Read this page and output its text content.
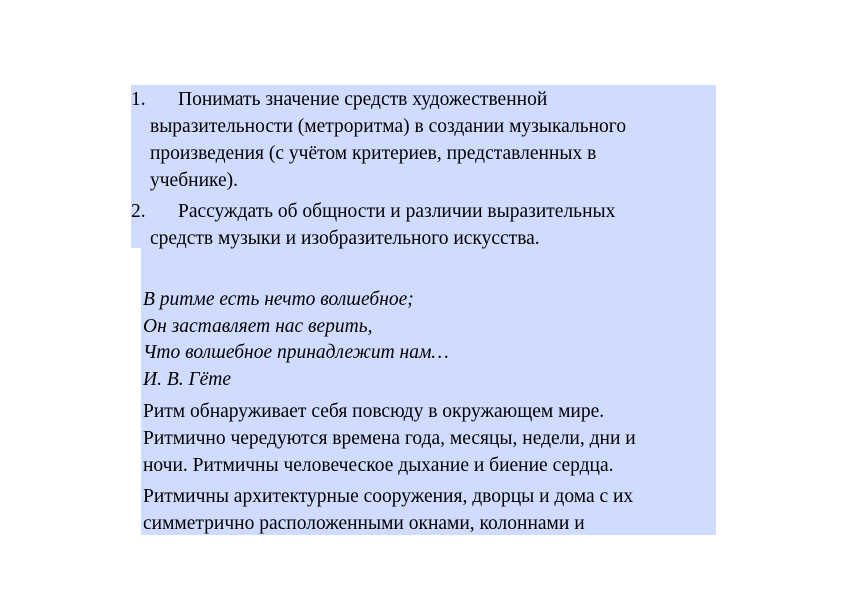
1.	Понимать значение средств художественной
выразительности (метроритма) в создании музыкального
произведения (с учётом критериев, представленных в
учебнике).
2.	Рассуждать об общности и различии выразительных
средств музыки и изобразительного искусства.
В ритме есть нечто волшебное;
Он заставляет нас верить,
Что волшебное принадлежит нам…
И. В. Гёте
Ритм обнаруживает себя повсюду в окружающем мире.
Ритмично чередуются времена года, месяцы, недели, дни и
ночи. Ритмичны человеческое дыхание и биение сердца.
Ритмичны архитектурные сооружения, дворцы и дома с их
симметрично расположенными окнами, колоннами и
